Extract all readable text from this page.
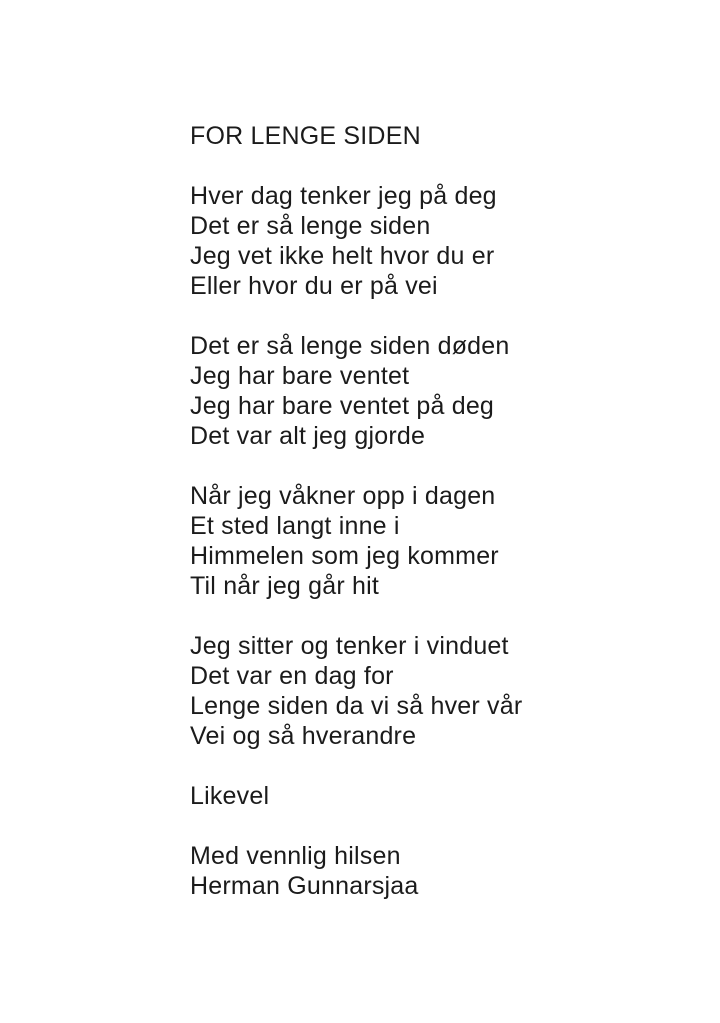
FOR LENGE SIDEN
Hver dag tenker jeg på deg
Det er så lenge siden
Jeg vet ikke helt hvor du er
Eller hvor du er på vei
Det er så lenge siden døden
Jeg har bare ventet
Jeg har bare ventet på deg
Det var alt jeg gjorde
Når jeg våkner opp i dagen
Et sted langt inne i
Himmelen som jeg kommer
Til når jeg går hit
Jeg sitter og tenker i vinduet
Det var en dag for
Lenge siden da vi så hver vår
Vei og så hverandre
Likevel
Med vennlig hilsen
Herman Gunnarsjaa
